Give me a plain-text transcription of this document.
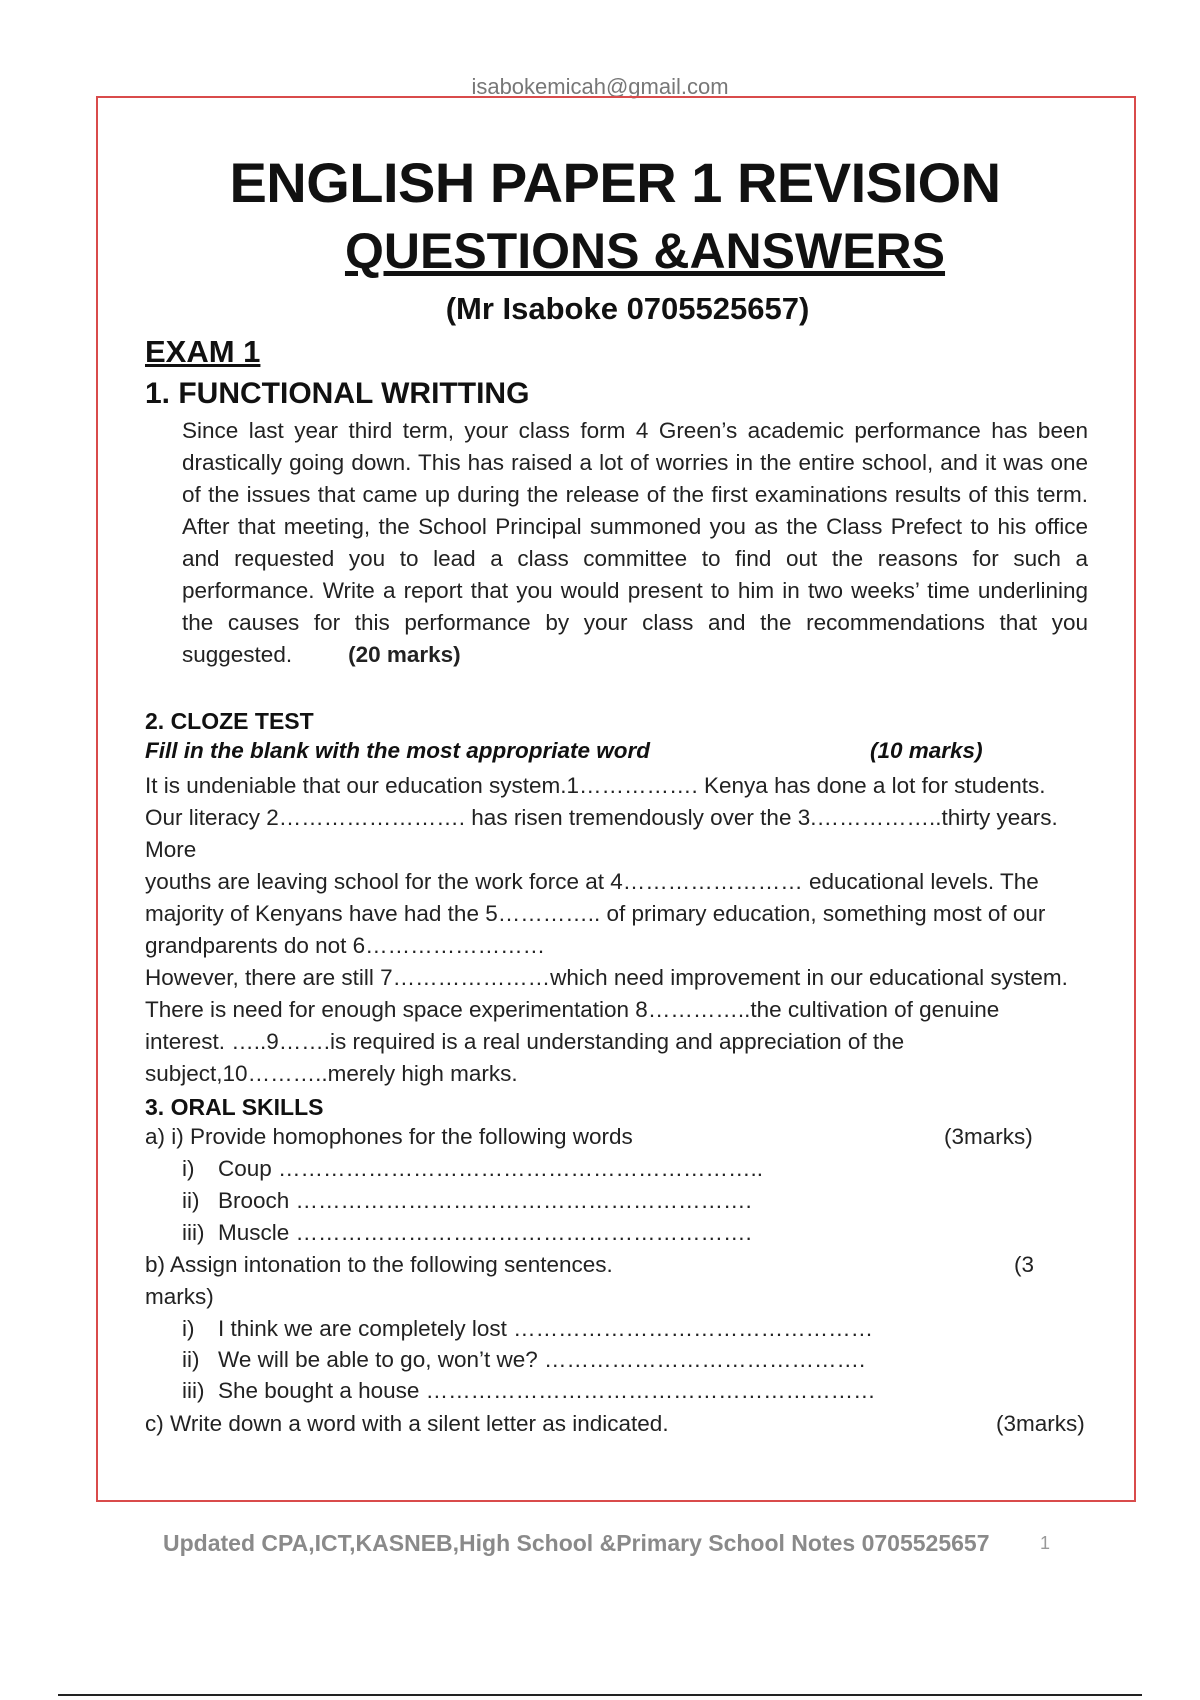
isabokemicah@gmail.com
ENGLISH PAPER 1 REVISION
QUESTIONS &ANSWERS
(Mr Isaboke 0705525657)
EXAM 1
1. FUNCTIONAL WRITTING
Since last year third term, your class form 4 Green’s academic performance has been drastically going down. This has raised a lot of worries in the entire school, and it was one of the issues that came up during the release of the first examinations results of this term. After that meeting, the School Principal summoned you as the Class Prefect to his office and requested you to lead a class committee to find out the reasons for such a performance. Write a report that you would present to him in two weeks’ time underlining the causes for this performance by your class and the recommendations that you suggested. (20 marks)
2. CLOZE TEST
Fill in the blank with the most appropriate word	(10 marks)

It is undeniable that our education system.1……………. Kenya has done a lot for students.

Our literacy 2……………………. has risen tremendously over the 3.……………..thirty years. More

youths are leaving school for the work force at 4…………………… educational levels. The

majority of Kenyans have had the 5………….. of primary education, something most of our

grandparents do not 6……………………

However, there are still 7…………………which need improvement in our educational system.

There is need for enough space experimentation 8…………..the cultivation of genuine

interest. …..9…….is required is a real understanding and appreciation of the

subject,10………..merely high marks.

3. ORAL SKILLS
a) i) Provide homophones for the following words	(3marks)
i) Coup ………………………………………………………..
ii) Brooch …………………………………………………….
iii) Muscle …………………………………………………….
b) Assign intonation to the following sentences.	(3
marks)
i) I think we are completely lost …………………………………………
ii) We will be able to go, won’t we? …………………………………….
iii) She bought a house ……………………………………………………
c) Write down a word with a silent letter as indicated.	(3marks)
Updated CPA,ICT,KASNEB,High School &Primary School Notes 0705525657	1
